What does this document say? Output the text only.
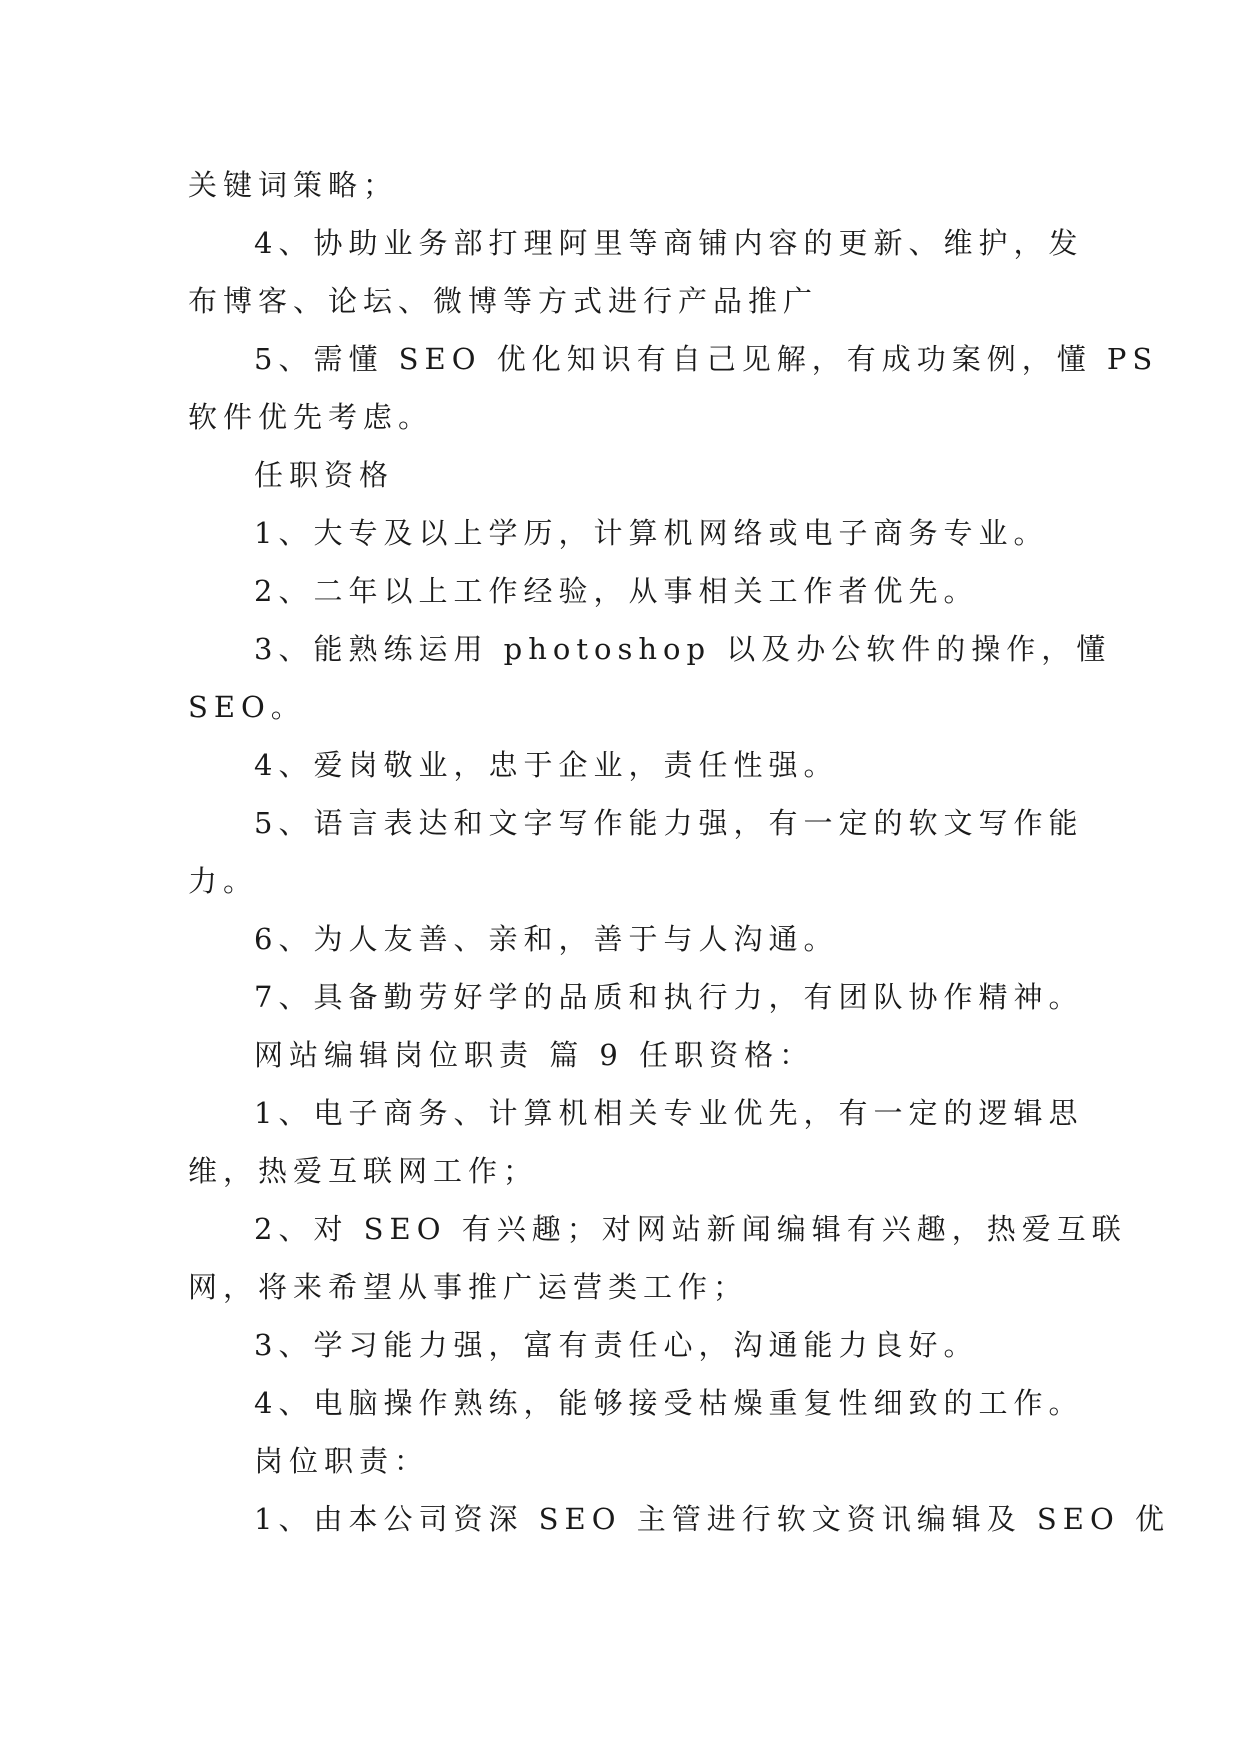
关键词策略；
4、协助业务部打理阿里等商铺内容的更新、维护，发
布博客、论坛、微博等方式进行产品推广
5、需懂 SEO 优化知识有自己见解，有成功案例，懂 PS
软件优先考虑。
任职资格
1、大专及以上学历，计算机网络或电子商务专业。
2、二年以上工作经验，从事相关工作者优先。
3、能熟练运用 photoshop 以及办公软件的操作，懂
SEO。
4、爱岗敬业，忠于企业，责任性强。
5、语言表达和文字写作能力强，有一定的软文写作能
力。
6、为人友善、亲和，善于与人沟通。
7、具备勤劳好学的品质和执行力，有团队协作精神。
网站编辑岗位职责 篇 9 任职资格：
1、电子商务、计算机相关专业优先，有一定的逻辑思
维，热爱互联网工作；
2、对 SEO 有兴趣；对网站新闻编辑有兴趣，热爱互联
网，将来希望从事推广运营类工作；
3、学习能力强，富有责任心，沟通能力良好。
4、电脑操作熟练，能够接受枯燥重复性细致的工作。
岗位职责：
1、由本公司资深 SEO 主管进行软文资讯编辑及 SEO 优
